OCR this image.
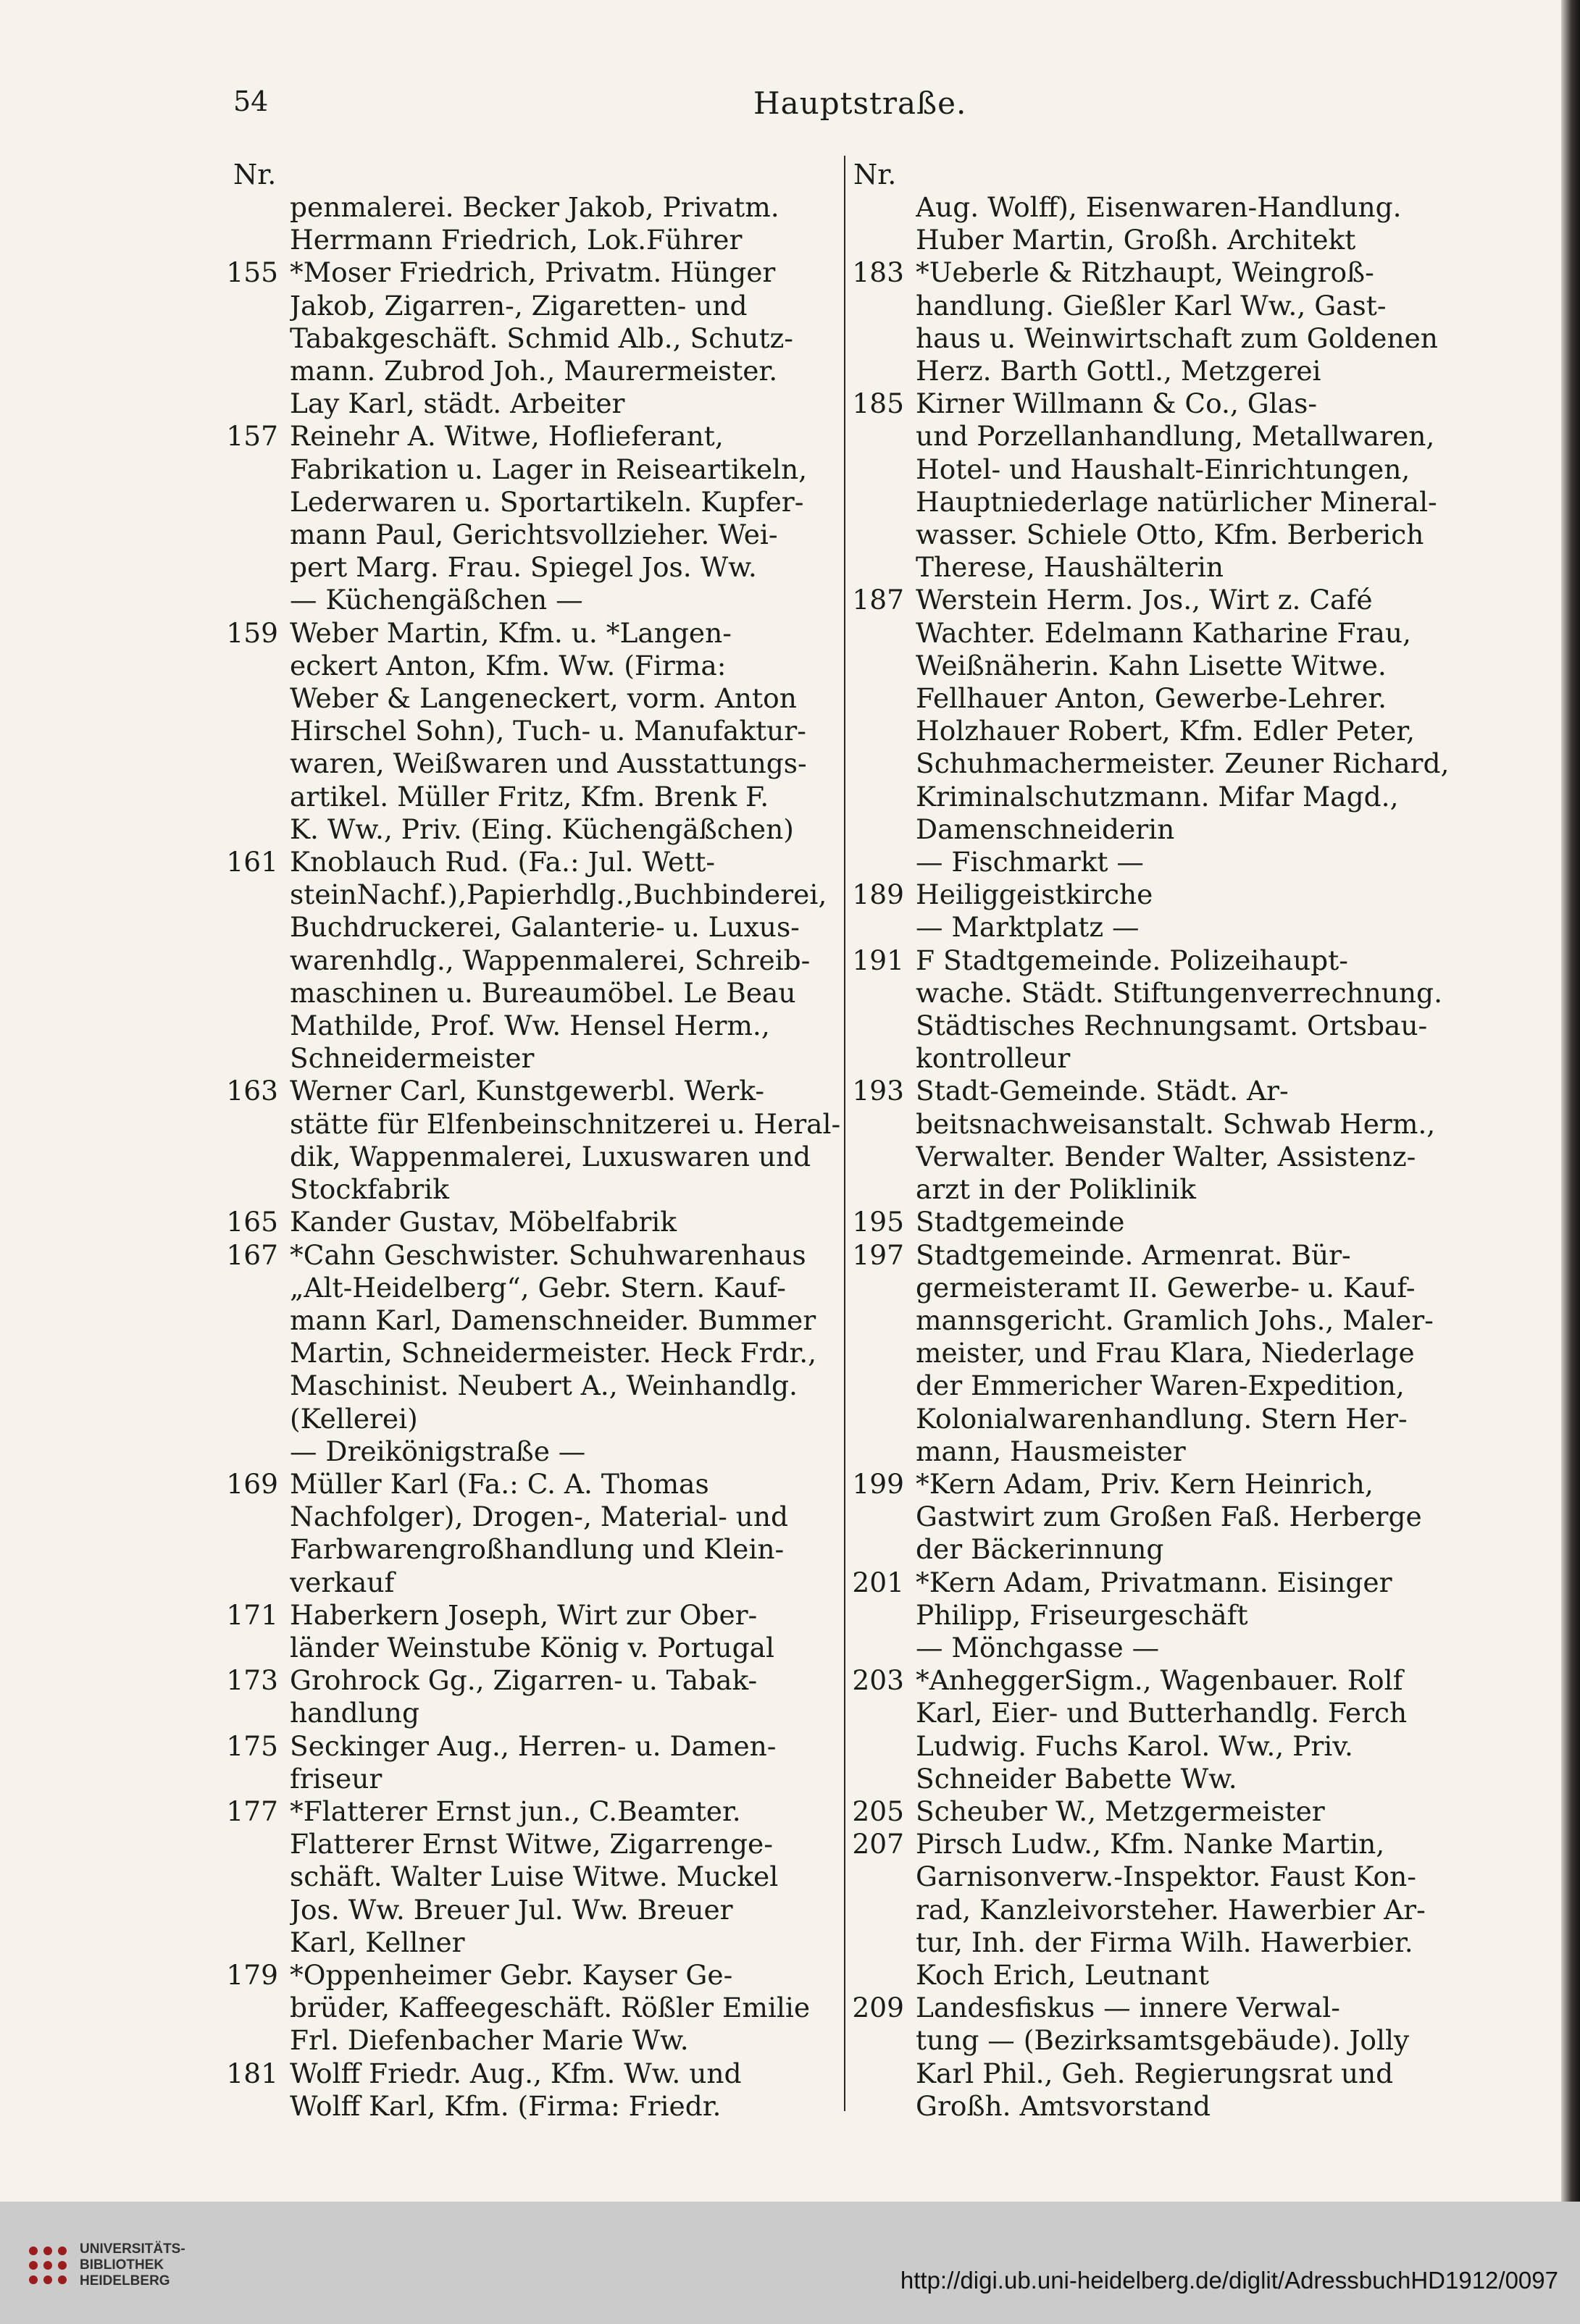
54	Hauptstraße.
Nr.
penmalerei. Becker Jakob, Privatm.
Herrmann Friedrich, Lok.Führer
155 *Moser Friedrich, Privatm. Hünger
Jakob, Zigarren-, Zigaretten- und
Tabakgeschäft. Schmid Alb., Schutz-
mann. Zubrod Joh., Maurermeister.
Lay Karl, städt. Arbeiter
157 Reinehr A. Witwe, Hoflieferant,
Fabrikation u. Lager in Reiseartikeln,
Lederwaren u. Sportartikeln. Kupfer-
mann Paul, Gerichtsvollzieher. Wei-
pert Marg. Frau. Spiegel Jos. Ww.
— Küchengäßchen —
159 Weber Martin, Kfm. u. *Langen-
eckert Anton, Kfm. Ww. (Firma:
Weber & Langeneckert, vorm. Anton
Hirschel Sohn), Tuch- u. Manufaktur-
waren, Weißwaren und Ausstattungs-
artikel. Müller Fritz, Kfm. Brenk F.
K. Ww., Priv. (Eing. Küchengäßchen)
161 Knoblauch Rud. (Fa.: Jul. Wett-
steinNachf.),Papierhdlg.,Buchbinderei,
Buchdruckerei, Galanterie- u. Luxus-
warenhdlg., Wappenmalerei, Schreib-
maschinen u. Bureaumöbel. Le Beau
Mathilde, Prof. Ww. Hensel Herm.,
Schneidermeister
163 Werner Carl, Kunstgewerbl. Werk-
stätte für Elfenbeinschnitzerei u. Heral-
dik, Wappenmalerei, Luxuswaren und
Stockfabrik
165 Kander Gustav, Möbelfabrik
167 *Cahn Geschwister. Schuhwarenhaus
„Alt-Heidelberg“, Gebr. Stern. Kauf-
mann Karl, Damenschneider. Bummer
Martin, Schneidermeister. Heck Frdr.,
Maschinist. Neubert A., Weinhandlg.
(Kellerei)
— Dreikönigstraße —
169 Müller Karl (Fa.: C. A. Thomas
Nachfolger), Drogen-, Material- und
Farbwarengroßhandlung und Klein-
verkauf
171 Haberkern Joseph, Wirt zur Ober-
länder Weinstube König v. Portugal
173 Grohrock Gg., Zigarren- u. Tabak-
handlung
175 Seckinger Aug., Herren- u. Damen-
friseur
177 *Flatterer Ernst jun., C.Beamter.
Flatterer Ernst Witwe, Zigarrenge-
schäft. Walter Luise Witwe. Muckel
Jos. Ww. Breuer Jul. Ww. Breuer
Karl, Kellner
179 *Oppenheimer Gebr. Kayser Ge-
brüder, Kaffeegeschäft. Rößler Emilie
Frl. Diefenbacher Marie Ww.
181 Wolff Friedr. Aug., Kfm. Ww. und
Wolff Karl, Kfm. (Firma: Friedr.
Nr.
Aug. Wolff), Eisenwaren-Handlung.
Huber Martin, Großh. Architekt
183 *Ueberle & Ritzhaupt, Weingroß-
handlung. Gießler Karl Ww., Gast-
haus u. Weinwirtschaft zum Goldenen
Herz. Barth Gottl., Metzgerei
185 Kirner Willmann & Co., Glas-
und Porzellanhandlung, Metallwaren,
Hotel- und Haushalt-Einrichtungen,
Hauptniederlage natürlicher Mineral-
wasser. Schiele Otto, Kfm. Berberich
Therese, Haushälterin
187 Werstein Herm. Jos., Wirt z. Café
Wachter. Edelmann Katharine Frau,
Weißnäherin. Kahn Lisette Witwe.
Fellhauer Anton, Gewerbe-Lehrer.
Holzhauer Robert, Kfm. Edler Peter,
Schuhmachermeister. Zeuner Richard,
Kriminalschutzmann. Mifar Magd.,
Damenschneiderin
— Fischmarkt —
189 Heiliggeistkirche
— Marktplatz —
191 F Stadtgemeinde. Polizeihaupt-
wache. Städt. Stiftungenverrechnung.
Städtisches Rechnungsamt. Ortsbau-
kontrolleur
193 Stadt-Gemeinde. Städt. Ar-
beitsnachweisanstalt. Schwab Herm.,
Verwalter. Bender Walter, Assistenz-
arzt in der Poliklinik
195 Stadtgemeinde
197 Stadtgemeinde. Armenrat. Bür-
germeisteramt II. Gewerbe- u. Kauf-
mannsgericht. Gramlich Johs., Maler-
meister, und Frau Klara, Niederlage
der Emmericher Waren-Expedition,
Kolonialwarenhandlung. Stern Her-
mann, Hausmeister
199 *Kern Adam, Priv. Kern Heinrich,
Gastwirt zum Großen Faß. Herberge
der Bäckerinnung
201 *Kern Adam, Privatmann. Eisinger
Philipp, Friseurgeschäft
— Mönchgasse —
203 *AnheggerSigm., Wagenbauer. Rolf
Karl, Eier- und Butterhandlg. Ferch
Ludwig. Fuchs Karol. Ww., Priv.
Schneider Babette Ww.
205 Scheuber W., Metzgermeister
207 Pirsch Ludw., Kfm. Nanke Martin,
Garnisonverw.-Inspektor. Faust Kon-
rad, Kanzleivorsteher. Hawerbier Ar-
tur, Inh. der Firma Wilh. Hawerbier.
Koch Erich, Leutnant
209 Landesfiskus — innere Verwal-
tung — (Bezirksamtsgebäude). Jolly
Karl Phil., Geh. Regierungsrat und
Großh. Amtsvorstand
UNIVERSITÄTS-
BIBLIOTHEK
HEIDELBERG	http://digi.ub.uni-heidelberg.de/diglit/AdressbuchHD1912/0097
